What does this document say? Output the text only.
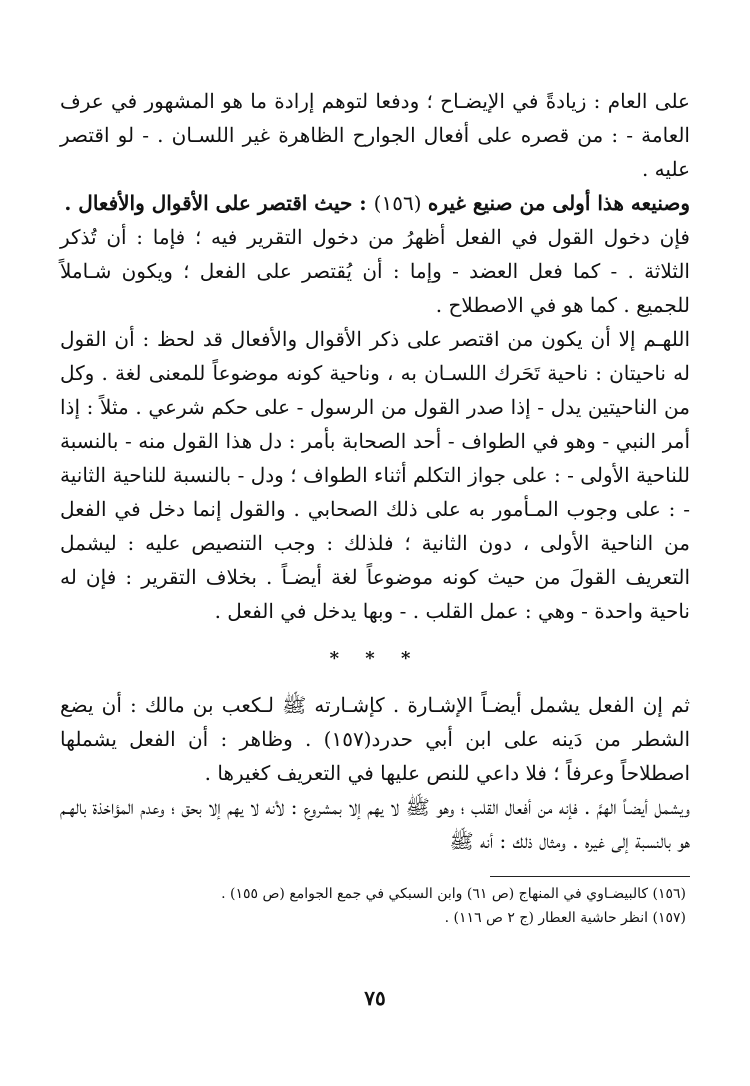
على العام : زيادةً في الإيضـاح ؛ ودفعا لتوهم إرادة ما هو المشهور في عرف العامة - : من قصره على أفعال الجوارح الظاهرة غير اللسـان . - لو اقتصر عليه .

وصنيعه هذا أولى من صنيع غيره (١٥٦) : حيث اقتصر على الأقوال والأفعال .

فإن دخول القول في الفعل أظهرُ من دخول التقرير فيه ؛ فإما : أن تُذكر الثلاثة . - كما فعل العضد - وإما : أن يُقتصر على الفعل ؛ ويكون شـاملاً للجميع . كما هو في الاصطلاح .

اللهـم إلا أن يكون من اقتصر على ذكر الأقوال والأفعال قد لحظ : أن القول له ناحيتان : ناحية تَحَرك اللسـان به ، وناحية كونه موضوعاً للمعنى لغة . وكل من الناحيتين يدل - إذا صدر القول من الرسول - على حكم شرعي . مثلاً : إذا أمر النبي - وهو في الطواف - أحد الصحابة بأمر : دل هذا القول منه - بالنسبة للناحية الأولى - : على جواز التكلم أثناء الطواف ؛ ودل - بالنسبة للناحية الثانية - : على وجوب المـأمور به على ذلك الصحابي . والقول إنما دخل في الفعل من الناحية الأولى ، دون الثانية ؛ فلذلك : وجب التنصيص عليه : ليشمل التعريف القولَ من حيث كونه موضوعاً لغة أيضـاً . بخلاف التقرير : فإن له ناحية واحدة - وهي : عمل القلب . - وبها يدخل في الفعل .

* * *

ثم إن الفعل يشمل أيضـاً الإشـارة . كإشـارته ﷺ لـكعب بن مالك : أن يضع الشطر من دَينه على ابن أبي حدرد(١٥٧) . وظاهر : أن الفعل يشملها اصطلاحاً وعرفاً ؛ فلا داعي للنص عليها في التعريف كغيرها .

ويشمل أيضـاً الهمَّ . فإنه من أفعال القلب ؛ وهو ﷺ لا يهم إلا بمشروع : لأنه لا يهم إلا بحق ؛ وعدم المؤاخذة بالهـم هو بالنسبة إلى غيره . ومثال ذلك : أنه ﷺ

(١٥٦) كالبيضـاوي في المنهاج (ص ٦١) وابن السبكي في جمع الجوامع (ص ١٥٥) .
(١٥٧) انظر حاشية العطار (ج ٢ ص ١١٦) .
٧٥
